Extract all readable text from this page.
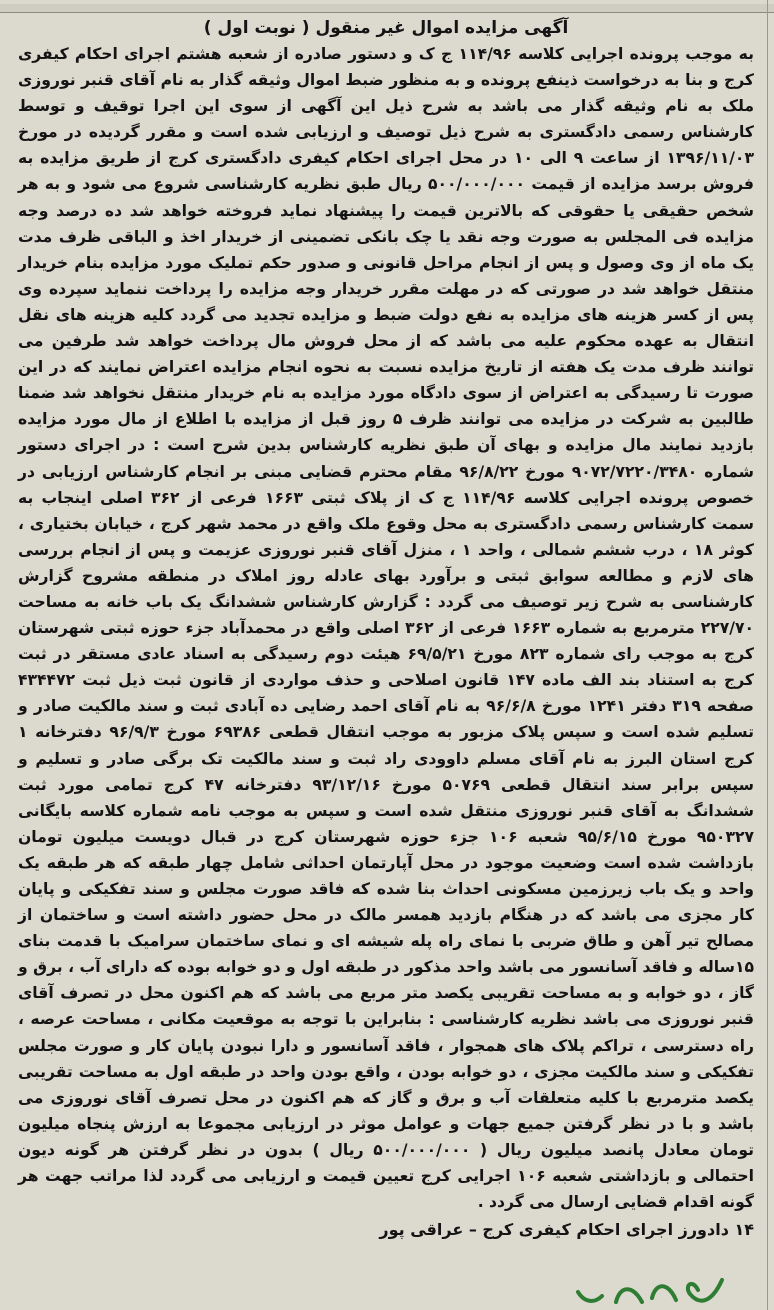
آگهی مزایده اموال غیر منقول ( نوبت اول )

به موجب پرونده اجرایی کلاسه ۱۱۴/۹۶ ج ک و دستور صادره از شعبه هشتم اجرای احکام کیفری کرج و بنا به درخواست ذینفع پرونده و به منظور ضبط اموال وثیقه گذار به نام آقای قنبر نوروزی ملک به نام وثیقه گذار می باشد به شرح ذیل این آگهی از سوی این اجرا توقیف و توسط کارشناس رسمی دادگستری به شرح ذیل توصیف و ارزیابی شده است و مقرر گردیده در مورخ ۱۳۹۶/۱۱/۰۳ از ساعت ۹ الی ۱۰ در محل اجرای احکام کیفری دادگستری کرج از طریق مزایده به فروش برسد مزایده از قیمت ۵۰۰/۰۰۰/۰۰۰ ریال طبق نظریه کارشناسی شروع می شود و به هر شخص حقیقی یا حقوقی که بالاترین قیمت را پیشنهاد نماید فروخته خواهد شد ده درصد وجه مزایده فی المجلس به صورت وجه نقد یا چک بانکی تضمینی از خریدار اخذ و الباقی ظرف مدت یک ماه از وی وصول و پس از انجام مراحل قانونی و صدور حکم تملیک مورد مزایده بنام خریدار منتقل خواهد شد در صورتی که در مهلت مقرر خریدار وجه مزایده را پرداخت ننماید سپرده وی پس از کسر هزینه های مزایده به نفع دولت ضبط و مزایده تجدید می گردد کلیه هزینه های نقل انتقال به عهده محکوم علیه می باشد که از محل فروش مال پرداخت خواهد شد طرفین می توانند ظرف مدت یک هفته از تاریخ مزایده نسبت به نحوه انجام مزایده اعتراض نمایند که در این صورت تا رسیدگی به اعتراض از سوی دادگاه مورد مزایده به نام خریدار منتقل نخواهد شد ضمنا طالبین به شرکت در مزایده می توانند ظرف ۵ روز قبل از مزایده با اطلاع از مال مورد مزایده بازدید نمایند مال مزایده و بهای آن طبق نظریه کارشناس بدین شرح است : در اجرای دستور شماره ۹۰۷۲/۷۲۲۰/۳۴۸۰ مورخ ۹۶/۸/۲۲ مقام محترم قضایی مبنی بر انجام کارشناس ارزیابی در خصوص پرونده اجرایی کلاسه ۱۱۴/۹۶ ج ک از پلاک ثبتی ۱۶۶۳ فرعی از ۳۶۲ اصلی اینجاب به سمت کارشناس رسمی دادگستری به محل وقوع ملک واقع در محمد شهر کرج ، خیابان بختیاری ، کوثر ۱۸ ، درب ششم شمالی ، واحد ۱ ، منزل آقای قنبر نوروزی عزیمت و پس از انجام بررسی های لازم و مطالعه سوابق ثبتی و برآورد بهای عادله روز املاک در منطقه مشروح گزارش کارشناسی به شرح زیر توصیف می گردد : گزارش کارشناس ششدانگ یک باب خانه به مساحت ۲۲۷/۷۰ مترمربع به شماره ۱۶۶۳ فرعی از ۳۶۲ اصلی واقع در محمدآباد جزء حوزه ثبتی شهرستان کرج به موجب رای شماره ۸۲۳ مورخ ۶۹/۵/۲۱ هیئت دوم رسیدگی به اسناد عادی مستقر در ثبت کرج به استناد بند الف ماده ۱۴۷ قانون اصلاحی و حذف مواردی از قانون ثبت ذیل ثبت ۴۳۴۴۷۲ صفحه ۳۱۹ دفتر ۱۲۴۱ مورخ ۹۶/۶/۸ به نام آقای احمد رضایی ده آبادی ثبت و سند مالکیت صادر و تسلیم شده است و سپس پلاک مزبور به موجب انتقال قطعی ۶۹۳۸۶ مورخ ۹۶/۹/۳ دفترخانه ۱ کرج استان البرز به نام آقای مسلم داوودی راد ثبت و سند مالکیت تک برگی صادر و تسلیم و سپس برابر سند انتقال قطعی ۵۰۷۶۹ مورخ ۹۳/۱۲/۱۶ دفترخانه ۴۷ کرج تمامی مورد ثبت ششدانگ به آقای قنبر نوروزی منتقل شده است و سپس به موجب نامه شماره کلاسه بایگانی ۹۵۰۳۲۷ مورخ ۹۵/۶/۱۵ شعبه ۱۰۶ جزء حوزه شهرستان کرج در قبال دویست میلیون تومان بازداشت شده است وضعیت موجود در محل آپارتمان احداثی شامل چهار طبقه که هر طبقه یک واحد و یک باب زیرزمین مسکونی احداث بنا شده که فاقد صورت مجلس و سند تفکیکی و پایان کار مجزی می باشد که در هنگام بازدید همسر مالک در محل حضور داشته است و ساختمان از مصالح تیر آهن و طاق ضربی با نمای راه پله شیشه ای و نمای ساختمان سرامیک با قدمت بنای ۱۵ساله و فاقد آسانسور می باشد واحد مذکور در طبقه اول و دو خوابه بوده که دارای آب ، برق و گاز ، دو خوابه و به مساحت تقریبی یکصد متر مربع می باشد که هم اکنون محل در تصرف آقای قنبر نوروزی می باشد نظریه کارشناسی : بنابراین با توجه به موقعیت مکانی ، مساحت عرصه ، راه دسترسی ، تراکم پلاک های همجوار ، فاقد آسانسور و دارا نبودن پایان کار و صورت مجلس تفکیکی و سند مالکیت مجزی ، دو خوابه بودن ، واقع بودن واحد در طبقه اول به مساحت تقریبی یکصد مترمربع با کلیه متعلقات آب و برق و گاز که هم اکنون در محل تصرف آقای نوروزی می باشد و با در نظر گرفتن جمیع جهات و عوامل موثر در ارزیابی مجموعا به ارزش پنجاه میلیون تومان معادل پانصد میلیون ریال ( ۵۰۰/۰۰۰/۰۰۰ ریال ) بدون در نظر گرفتن هر گونه دیون احتمالی و بازداشتی شعبه ۱۰۶ اجرایی کرج تعیین قیمت و ارزیابی می گردد لذا مراتب جهت هر گونه اقدام قضایی ارسال می گردد .

۱۴ دادورز اجرای احکام کیفری کرج – عراقی پور
